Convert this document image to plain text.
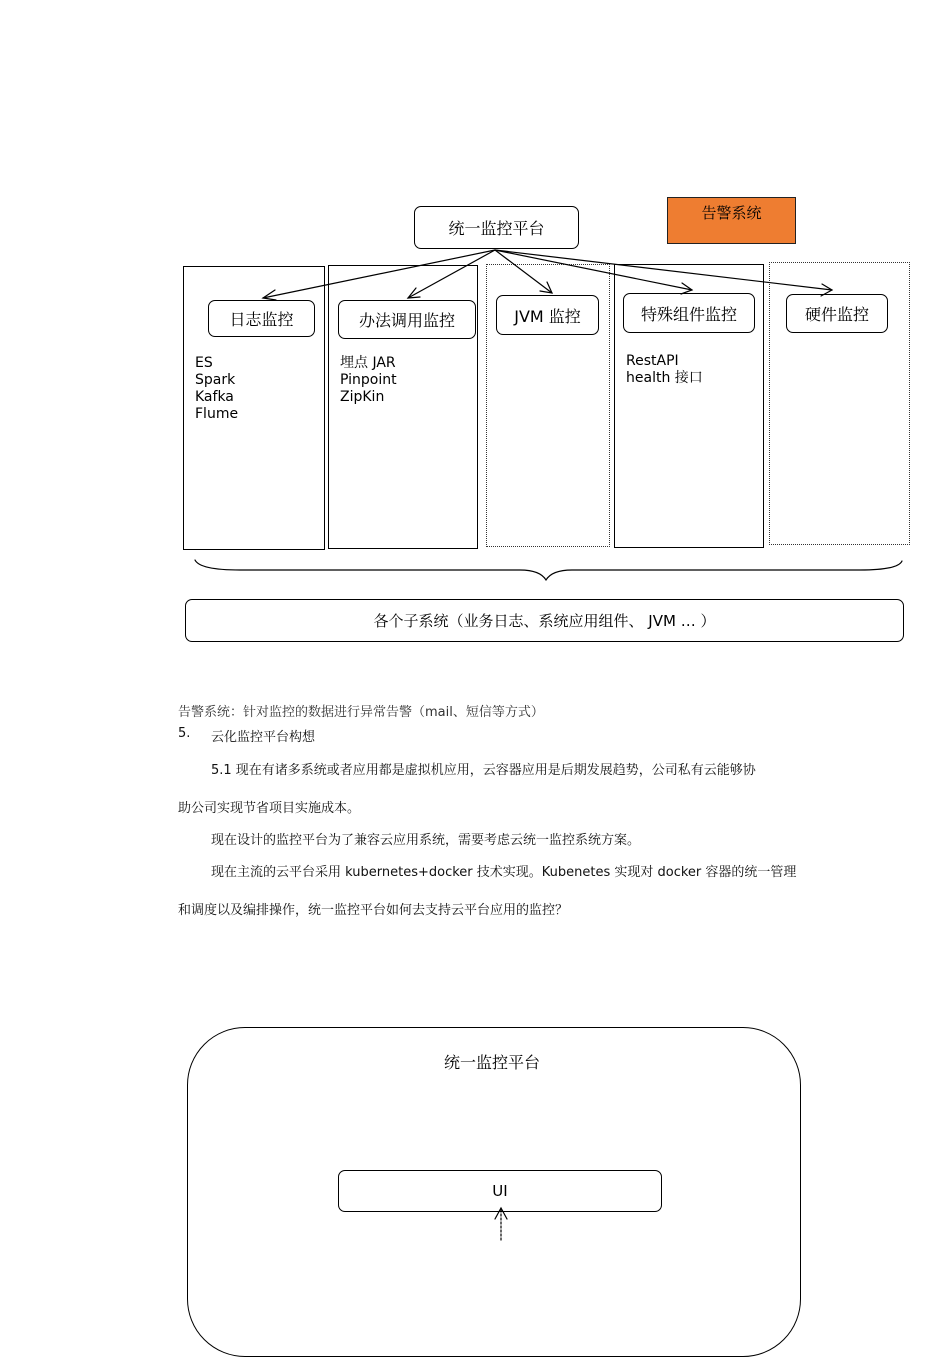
统一监控平台
告警系统
日志监控	办法调用监控	JVM 监控	特殊组件监控	硬件监控
ES
Spark
Kafka
Flume
埋点 JAR
Pinpoint
ZipKin
RestAPI
health 接口
各个子系统（业务日志、系统应用组件、 JVM … ）
告警系统：针对监控的数据进行异常告警（mail、短信等方式）
5. 云化监控平台构想
5.1 现在有诸多系统或者应用都是虚拟机应用，云容器应用是后期发展趋势，公司私有云能够协
助公司实现节省项目实施成本。
现在设计的监控平台为了兼容云应用系统，需要考虑云统一监控系统方案。
现在主流的云平台采用 kubernetes+docker 技术实现。Kubenetes 实现对 docker 容器的统一管理
和调度以及编排操作，统一监控平台如何去支持云平台应用的监控？
统一监控平台
UI
